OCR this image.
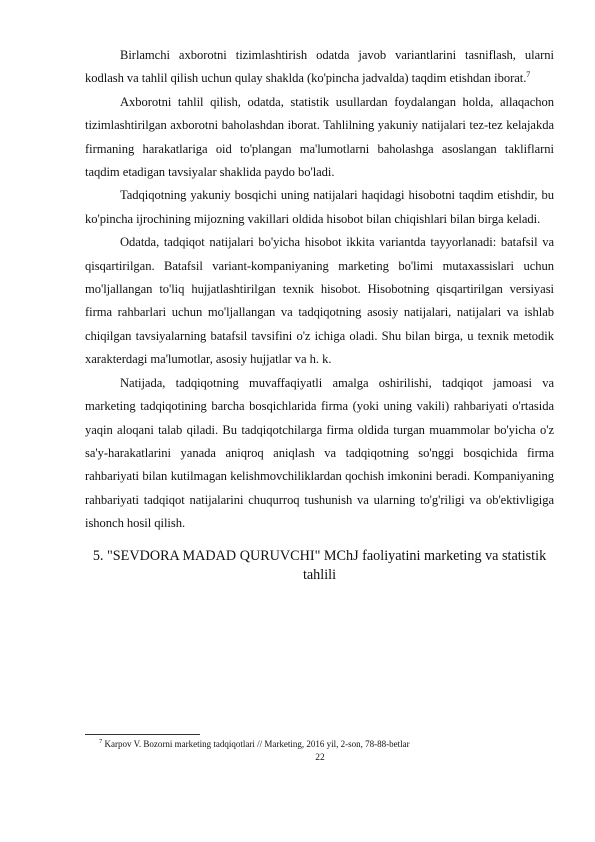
Birlamchi axborotni tizimlashtirish odatda javob variantlarini tasniflash, ularni kodlash va tahlil qilish uchun qulay shaklda (ko'pincha jadvalda) taqdim etishdan iborat.$^7$

Axborotni tahlil qilish, odatda, statistik usullardan foydalangan holda, allaqachon tizimlashtirilgan axborotni baholashdan iborat. Tahlilning yakuniy natijalari tez-tez kelajakda firmaning harakatlariga oid to'plangan ma'lumotlarni baholashga asoslangan takliflarni taqdim etadigan tavsiyalar shaklida paydo bo'ladi.

Tadqiqotning yakuniy bosqichi uning natijalari haqidagi hisobotni taqdim etishdir, bu ko'pincha ijrochining mijozning vakillari oldida hisobot bilan chiqishlari bilan birga keladi.

Odatda, tadqiqot natijalari bo'yicha hisobot ikkita variantda tayyorlanadi: batafsil va qisqartirilgan. Batafsil variant-kompaniyaning marketing bo'limi mutaxassislari uchun mo'ljallangan to'liq hujjatlashtirilgan texnik hisobot. Hisobotning qisqartirilgan versiyasi firma rahbarlari uchun mo'ljallangan va tadqiqotning asosiy natijalari, natijalari va ishlab chiqilgan tavsiyalarning batafsil tavsifini o'z ichiga oladi. Shu bilan birga, u texnik metodik xarakterdagi ma'lumotlar, asosiy hujjatlar va h. k.

Natijada, tadqiqotning muvaffaqiyatli amalga oshirilishi, tadqiqot jamoasi va marketing tadqiqotining barcha bosqichlarida firma (yoki uning vakili) rahbariyati o'rtasida yaqin aloqani talab qiladi. Bu tadqiqotchilarga firma oldida turgan muammolar bo'yicha o'z sa'y-harakatlarini yanada aniqroq aniqlash va tadqiqotning so'nggi bosqichida firma rahbariyati bilan kutilmagan kelishmovchiliklardan qochish imkonini beradi. Kompaniyaning rahbariyati tadqiqot natijalarini chuqurroq tushunish va ularning to'g'riligi va ob'ektivligiga ishonch hosil qilish.

5. "SEVDORA MADAD QURUVCHI" MChJ faoliyatini marketing va statistik tahlili
$^7$ Karpov V. Bozorni marketing tadqiqotlari // Marketing, 2016 yil, 2-son, 78-88-betlar
22
